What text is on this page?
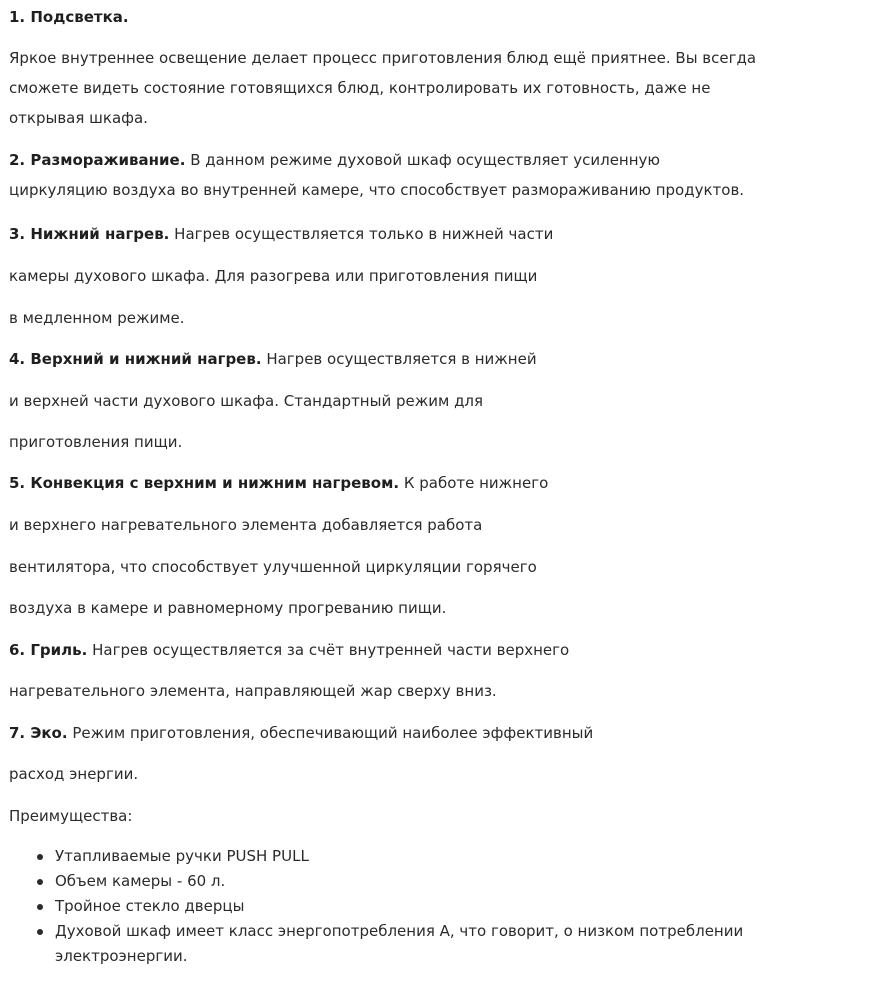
1. Подсветка.
Яркое внутреннее освещение делает процесс приготовления блюд ещё приятнее. Вы всегда
сможете видеть состояние готовящихся блюд, контролировать их готовность, даже не
открывая шкафа.
2. Размораживание. В данном режиме духовой шкаф осуществляет усиленную
циркуляцию воздуха во внутренней камере, что способствует размораживанию продуктов.
3. Нижний нагрев. Нагрев осуществляется только в нижней части
камеры духового шкафа. Для разогрева или приготовления пищи
в медленном режиме.
4. Верхний и нижний нагрев. Нагрев осуществляется в нижней
и верхней части духового шкафа. Стандартный режим для
приготовления пищи.
5. Конвекция с верхним и нижним нагревом. К работе нижнего
и верхнего нагревательного элемента добавляется работа
вентилятора, что способствует улучшенной циркуляции горячего
воздуха в камере и равномерному прогреванию пищи.
6. Гриль. Нагрев осуществляется за счёт внутренней части верхнего
нагревательного элемента, направляющей жар сверху вниз.
7. Эко. Режим приготовления, обеспечивающий наиболее эффективный
расход энергии.
Преимущества:
Утапливаемые ручки PUSH PULL
Объем камеры - 60 л.
Тройное стекло дверцы
Духовой шкаф имеет класс энергопотребления А, что говорит, о низком потреблении электроэнергии.
